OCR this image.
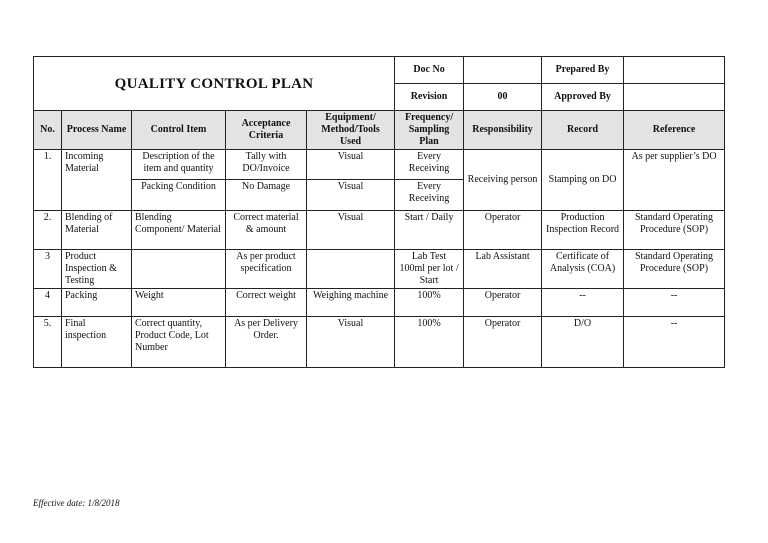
QUALITY CONTROL PLAN					Doc No		Prepared By	
					Revision	00	Approved By	
No.	Process Name	Control Item	Acceptance Criteria	Equipment/ Method/Tools Used	Frequency/ Sampling Plan	Responsibility	Record	Reference
1.	Incoming Material	Description of the item and quantity	Tally with DO/Invoice	Visual	Every Receiving	Receiving person	Stamping on DO	As per supplier’s DO
		Packing Condition	No Damage	Visual	Every Receiving			
2.	Blending of Material	Blending Component/ Material	Correct material & amount	Visual	Start / Daily	Operator	Production Inspection Record	Standard Operating Procedure (SOP)
3	Product Inspection & Testing		As per product specification		Lab Test 100ml per lot / Start	Lab Assistant	Certificate of Analysis (COA)	Standard Operating Procedure (SOP)
4	Packing	Weight	Correct weight	Weighing machine	100%	Operator	--	--
5.	Final inspection	Correct quantity, Product Code, Lot Number	As per Delivery Order.	Visual	100%	Operator	D/O	--
Effective date: 1/8/2018
